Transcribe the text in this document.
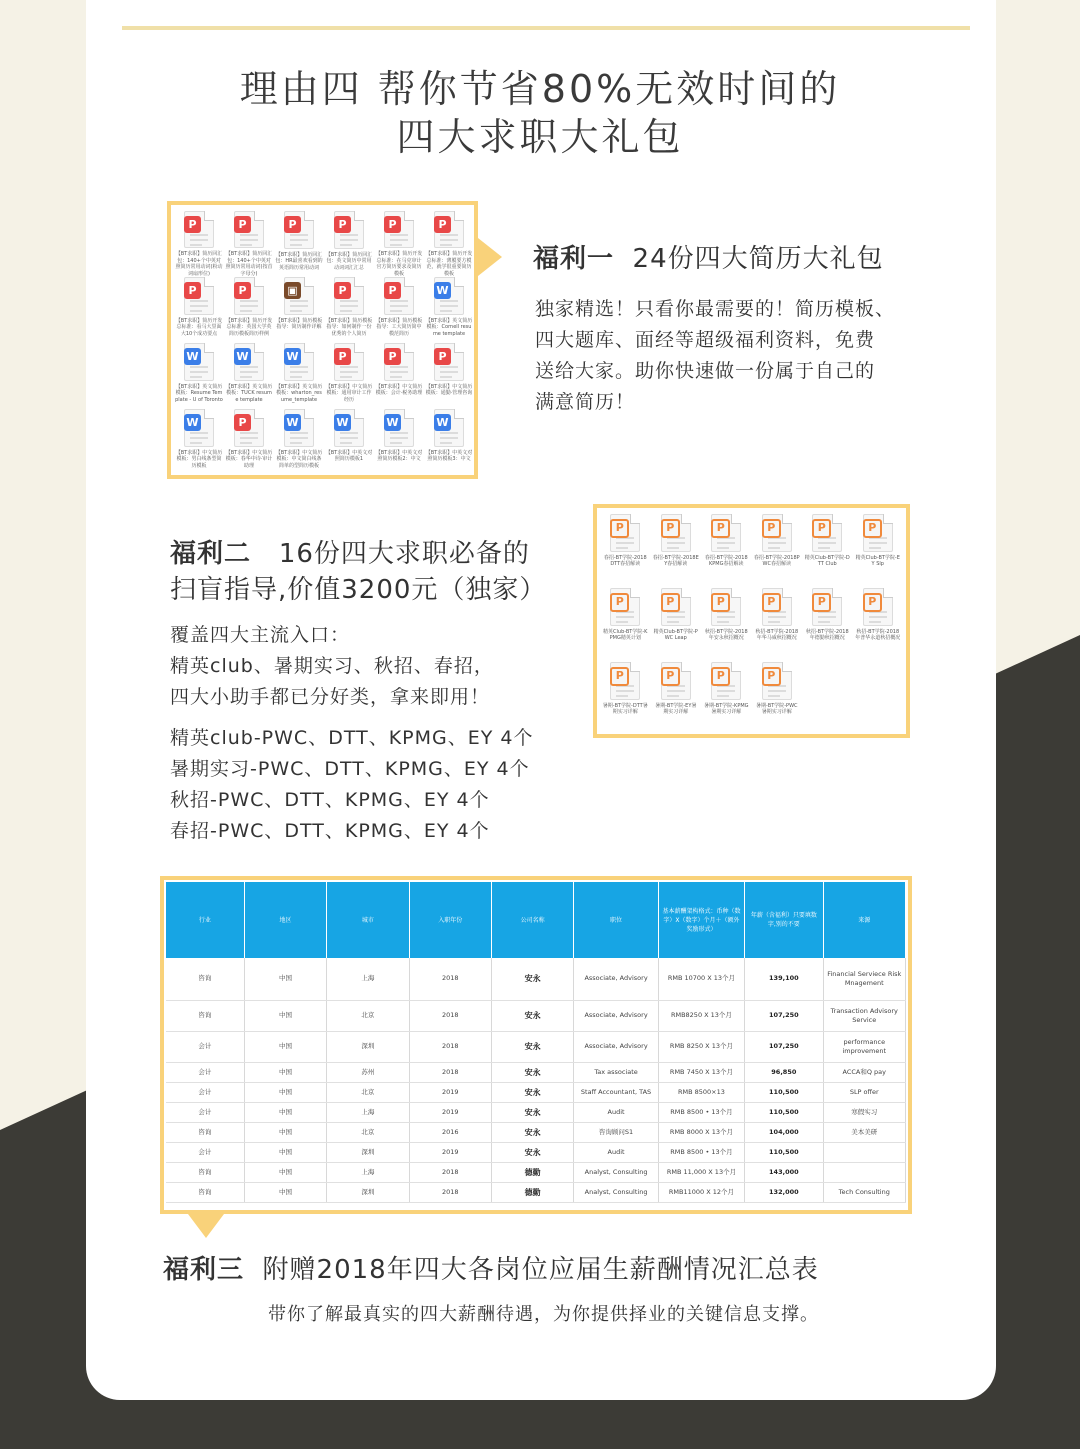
理由四 帮你节省80%无效时间的
四大求职大礼包
P
【BT求职】简历回汇包：140+个中英对照简历常用动词(粉动词扇形位)
P
【BT求职】简历回汇包：140+个中英对照简历常用动词(按首字母分)
P
【BT求职】简历回汇包：HR最喜欢看到的英语简历常用动词
P
【BT求职】简历回汇包：英文简历中常用动词词汇汇总
P
【BT求职】简历开发总标准：在马克审计官方简历要求及简历模板
P
【BT求职】简历开发总标准：薄膜要方模范，就学很重要简历模板
P
【BT求职】简历开发总标准：看马大里面大10个成功要点
P
【BT求职】简历开发总标准：英国大学英简历模板简历样例
▣
【BT求职】简历模板指导：简历制作详解
P
【BT求职】简历模板指导：如何制作一份优秀的个人简历
P
【BT求职】简历模板指导：工大简历简中模范简历
W
【BT求职】英文简历模板：Cornell resume template
W
【BT求职】英文简历模板：Resume Template - U of Toronto
W
【BT求职】英文简历模板：TUCK resume template
W
【BT求职】英文简历模板：wharton_resume_template
P
【BT求职】中文简历模板：通用审计工作经历
P
【BT求职】中文简历模板：会计·税务助理
P
【BT求职】中文简历模板：通勤·管理咨询
W
【BT求职】中文简历模板：男白线条型简历模板
P
【BT求职】中文简历模板：春华中诗·审计助理
W
【BT求职】中文简历模板：中文简白线条简单的型简历模板
W
【BT求职】中英文对照简历模板1
W
【BT求职】中英文对照简历模板2：中文
W
【BT求职】中英文对照简历模板3：中文
福利一 24份四大简历大礼包
独家精选！只看你最需要的！简历模板、
四大题库、面经等超级福利资料，免费
送给大家。助你快速做一份属于自己的
满意简历！
福利二 16份四大求职必备的
扫盲指导,价值3200元（独家）
覆盖四大主流入口：
精英club、暑期实习、秋招、春招，
四大小助手都已分好类，拿来即用！
精英club-PWC、DTT、KPMG、EY 4个
暑期实习-PWC、DTT、KPMG、EY 4个
秋招-PWC、DTT、KPMG、EY 4个
春招-PWC、DTT、KPMG、EY 4个
P
春招-BT学院-2018DTT春招解读
P
春招-BT学院-2018EY春招解读
P
春招-BT学院-2018KPMG春招解读
P
春招-BT学院-2018PWC春招解读
P
精英Club-BT学院-DTT Club
P
精英Club-BT学院-EY Slp
P
精英Club-BT学院-KPMG精英计划
P
精英Club-BT学院-PWC Leap
P
秋招-BT学院-2018年安永秋招概况
P
秋招-BT学院-2018年华马威秋招概况
P
秋招-BT学院-2018年德勤秋招概况
P
秋招-BT学院-2018年普华永道秋招概况
P
暑期-BT学院-DTT暑期实习详解
P
暑期-BT学院-EY暑期实习详解
P
暑期-BT学院-KPMG暑期实习详解
P
暑期-BT学院-PWC暑期实习详解
行业	地区	城市	入职年份	公司名称	职位	基本薪酬架构格式：币种（数字）X（数字）个月＋（额外奖励形式）	年薪（含福利）只要填数字,别的不要	来源
咨询	中国	上海	2018	安永	Associate, Advisory	RMB 10700 X 13个月	139,100	Financial Serviece Risk Mnagement
咨询	中国	北京	2018	安永	Associate, Advisory	RMB8250 X 13个月	107,250	Transaction Advisory Service
会计	中国	深圳	2018	安永	Associate, Advisory	RMB 8250 X 13个月	107,250	performance improvement
会计	中国	苏州	2018	安永	Tax associate	RMB 7450 X 13个月	96,850	ACCA和Q pay
会计	中国	北京	2019	安永	Staff Accountant, TAS	RMB 8500×13	110,500	SLP offer
会计	中国	上海	2019	安永	Audit	RMB 8500 • 13个月	110,500	寒假实习
咨询	中国	北京	2016	安永	咨询顾问S1	RMB 8000 X 13个月	104,000	美本美研
会计	中国	深圳	2019	安永	Audit	RMB 8500 • 13个月	110,500	
咨询	中国	上海	2018	德勤	Analyst, Consulting	RMB 11,000 X 13个月	143,000	
咨询	中国	深圳	2018	德勤	Analyst, Consulting	RMB11000 X 12个月	132,000	Tech Consulting
福利三 附赠2018年四大各岗位应届生薪酬情况汇总表
带你了解最真实的四大薪酬待遇，为你提供择业的关键信息支撑。
